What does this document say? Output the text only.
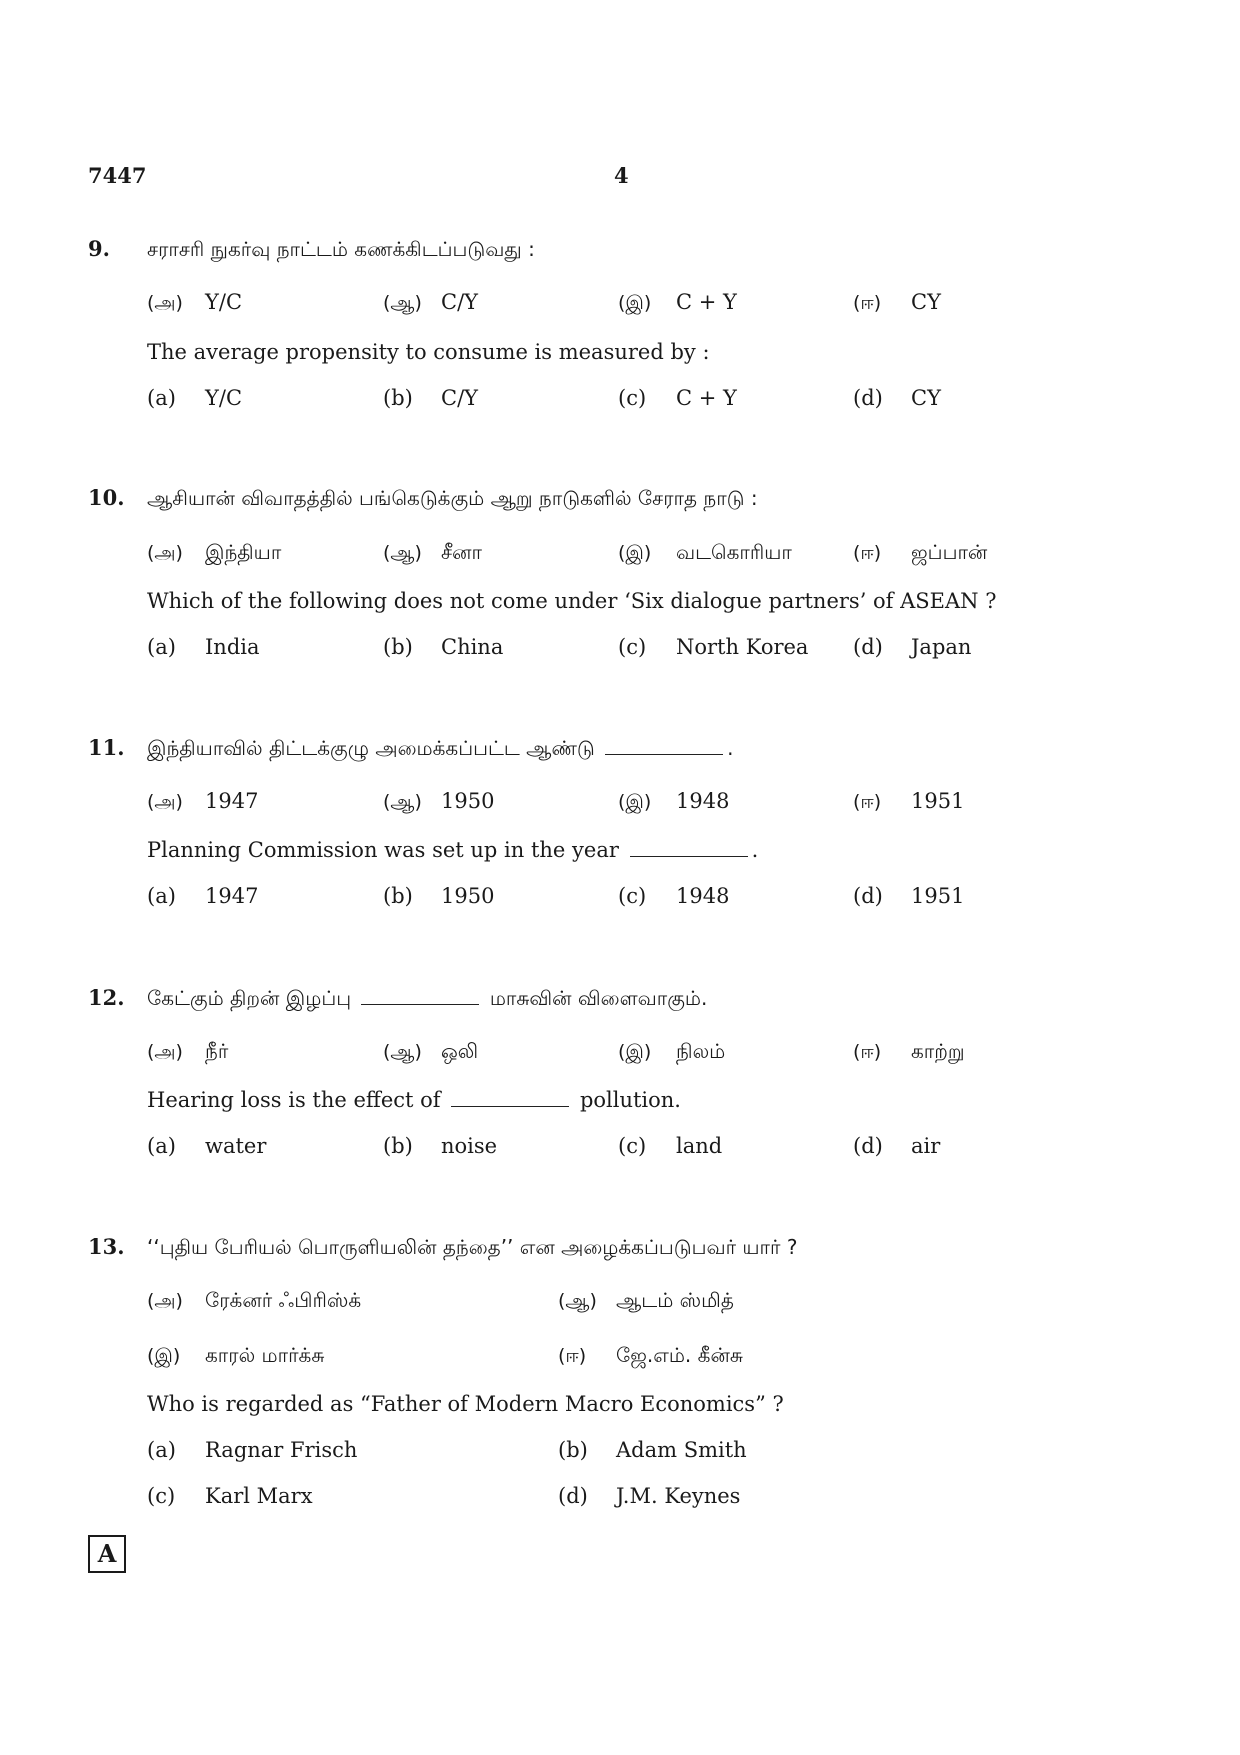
7447	4
9. சராசரி நுகர்வு நாட்டம் கணக்கிடப்படுவது :
(அ) Y/C	(ஆ) C/Y	(இ) C + Y	(ஈ) CY
The average propensity to consume is measured by :
(a) Y/C	(b) C/Y	(c) C + Y	(d) CY
10. ஆசியான் விவாதத்தில் பங்கெடுக்கும் ஆறு நாடுகளில் சேராத நாடு :
(அ) இந்தியா	(ஆ) சீனா	(இ) வடகொரியா	(ஈ) ஜப்பான்
Which of the following does not come under ‘Six dialogue partners’ of ASEAN ?
(a) India	(b) China	(c) North Korea (d) Japan
11. இந்தியாவில் திட்டக்குழு அமைக்கப்பட்ட ஆண்டு	.
(அ) 1947	(ஆ) 1950	(இ) 1948	(ஈ) 1951
Planning Commission was set up in the year	.
(a) 1947	(b) 1950	(c) 1948	(d) 1951
12. கேட்கும் திறன் இழப்பு	மாசுவின் விளைவாகும்.
(அ) நீர்	(ஆ) ஒலி	(இ) நிலம்	(ஈ) காற்று
Hearing loss is the effect of	pollution.
(a) water	(b) noise	(c) land	(d) air
13. ‘‘புதிய பேரியல் பொருளியலின் தந்தை’’ என அழைக்கப்படுபவர் யார் ?
(அ) ரேக்னர் ஃபிரிஸ்க்	(ஆ) ஆடம் ஸ்மித்
(இ) காரல் மார்க்சு	(ஈ) ஜே.எம். கீன்சு
Who is regarded as “Father of Modern Macro Economics” ?
(a) Ragnar Frisch	(b) Adam Smith
(c) Karl Marx	(d) J.M. Keynes
A
